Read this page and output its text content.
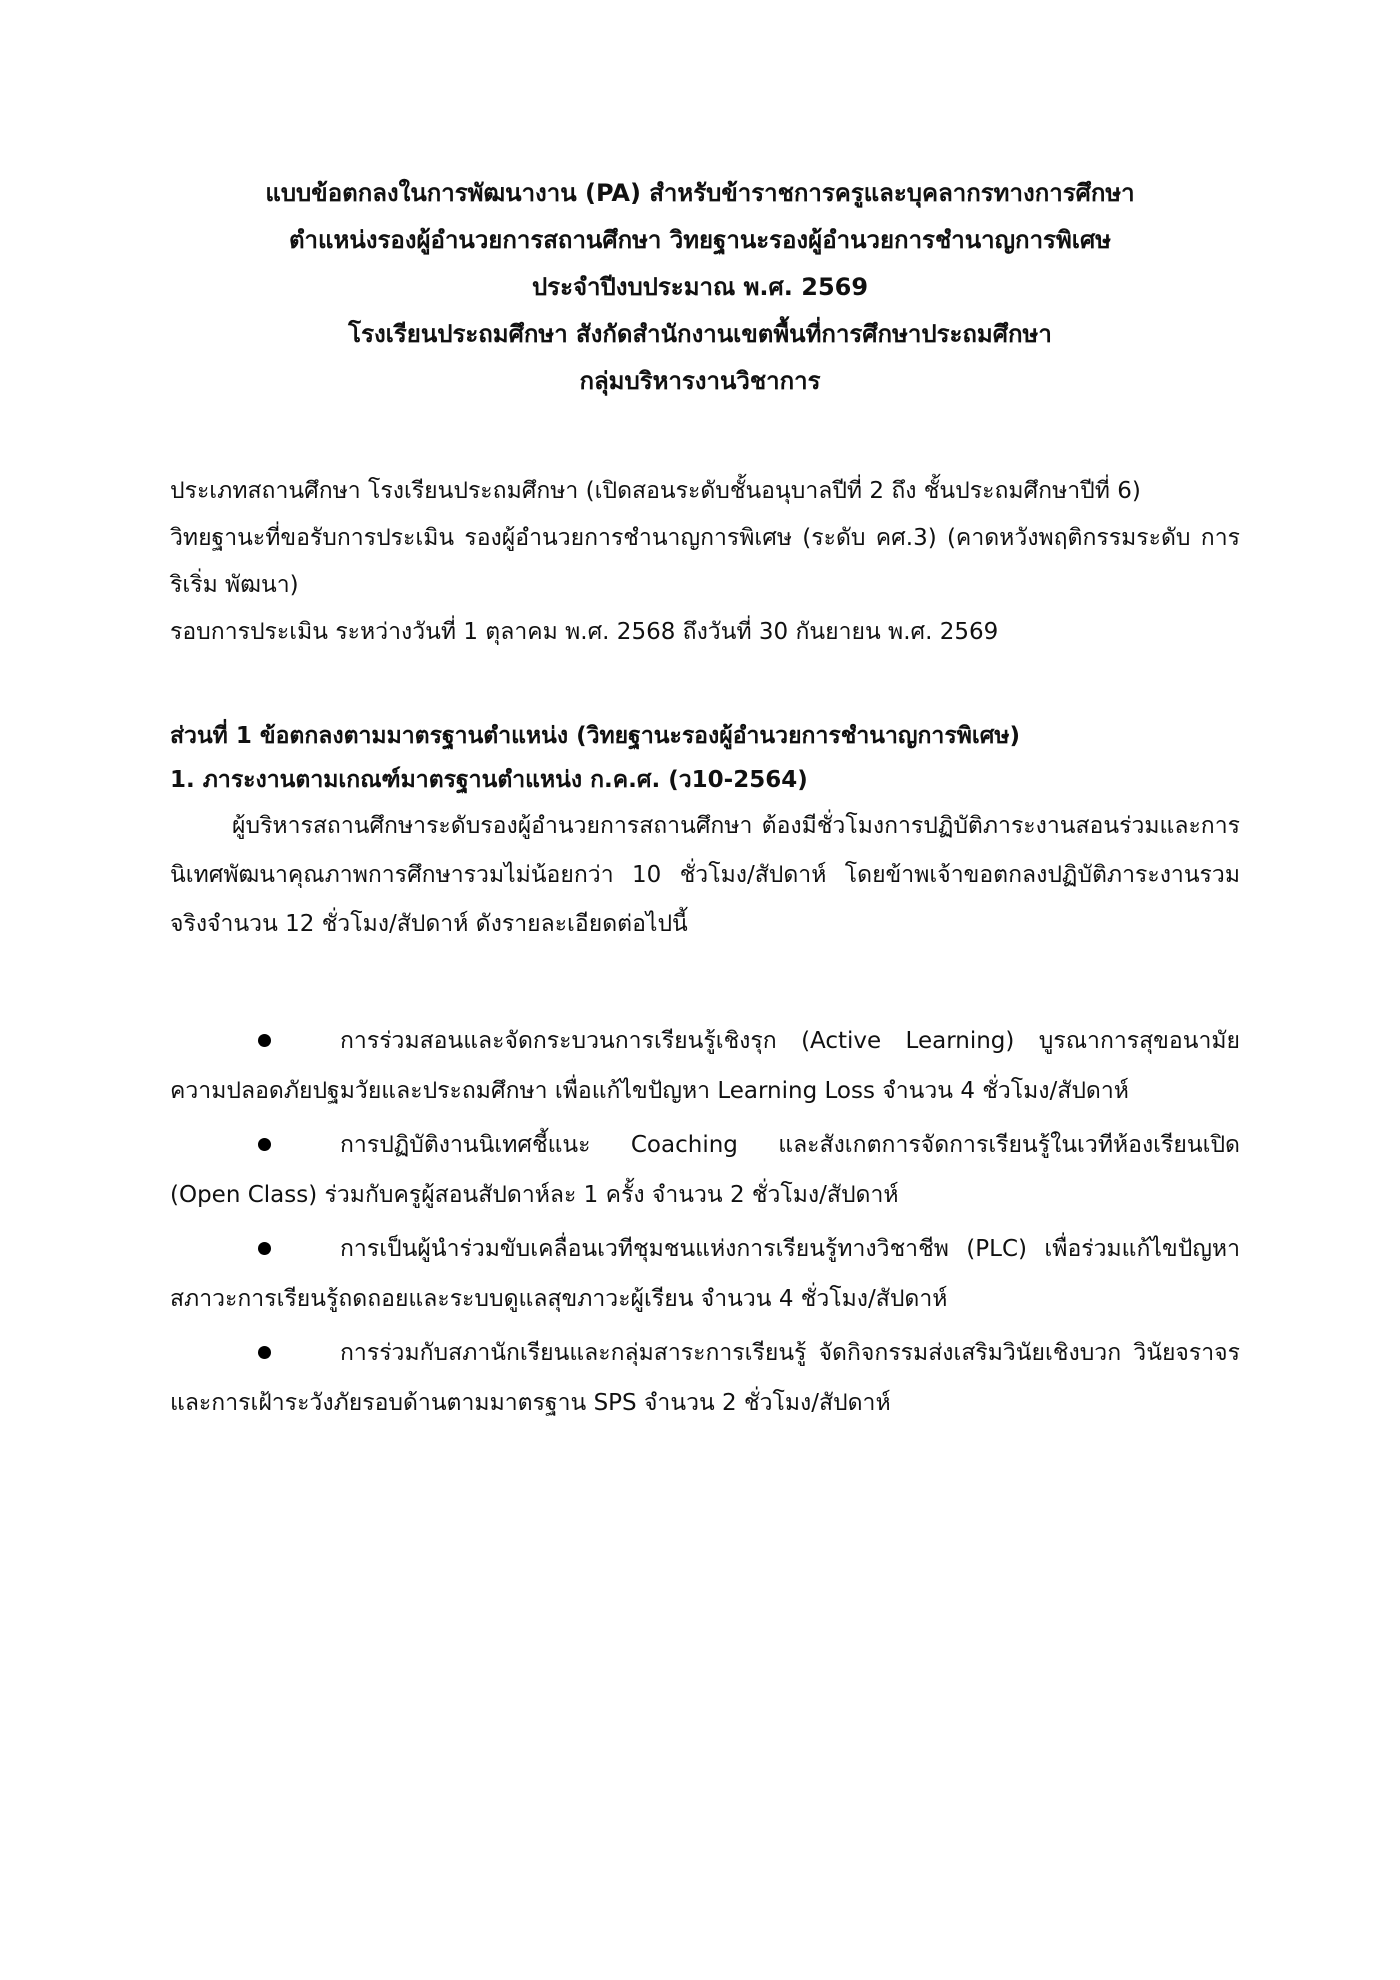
แบบข้อตกลงในการพัฒนางาน (PA) สำหรับข้าราชการครูและบุคลากรทางการศึกษา
ตำแหน่งรองผู้อำนวยการสถานศึกษา วิทยฐานะรองผู้อำนวยการชำนาญการพิเศษ
ประจำปีงบประมาณ พ.ศ. 2569
โรงเรียนประถมศึกษา สังกัดสำนักงานเขตพื้นที่การศึกษาประถมศึกษา
กลุ่มบริหารงานวิชาการ
ประเภทสถานศึกษา โรงเรียนประถมศึกษา (เปิดสอนระดับชั้นอนุบาลปีที่ 2 ถึง ชั้นประถมศึกษาปีที่ 6)
วิทยฐานะที่ขอรับการประเมิน รองผู้อำนวยการชำนาญการพิเศษ (ระดับ คศ.3) (คาดหวังพฤติกรรมระดับ การริเริ่ม พัฒนา)
รอบการประเมิน ระหว่างวันที่ 1 ตุลาคม พ.ศ. 2568 ถึงวันที่ 30 กันยายน พ.ศ. 2569
ส่วนที่ 1 ข้อตกลงตามมาตรฐานตำแหน่ง (วิทยฐานะรองผู้อำนวยการชำนาญการพิเศษ)
1. ภาระงานตามเกณฑ์มาตรฐานตำแหน่ง ก.ค.ศ. (ว10-2564)
ผู้บริหารสถานศึกษาระดับรองผู้อำนวยการสถานศึกษา ต้องมีชั่วโมงการปฏิบัติภาระงานสอนร่วมและการนิเทศพัฒนาคุณภาพการศึกษารวมไม่น้อยกว่า 10 ชั่วโมง/สัปดาห์ โดยข้าพเจ้าขอตกลงปฏิบัติภาระงานรวมจริงจำนวน 12 ชั่วโมง/สัปดาห์ ดังรายละเอียดต่อไปนี้
การร่วมสอนและจัดกระบวนการเรียนรู้เชิงรุก (Active Learning) บูรณาการสุขอนามัยความปลอดภัยปฐมวัยและประถมศึกษา เพื่อแก้ไขปัญหา Learning Loss จำนวน 4 ชั่วโมง/สัปดาห์
การปฏิบัติงานนิเทศชี้แนะ Coaching และสังเกตการจัดการเรียนรู้ในเวทีห้องเรียนเปิด (Open Class) ร่วมกับครูผู้สอนสัปดาห์ละ 1 ครั้ง จำนวน 2 ชั่วโมง/สัปดาห์
การเป็นผู้นำร่วมขับเคลื่อนเวทีชุมชนแห่งการเรียนรู้ทางวิชาชีพ (PLC) เพื่อร่วมแก้ไขปัญหาสภาวะการเรียนรู้ถดถอยและระบบดูแลสุขภาวะผู้เรียน จำนวน 4 ชั่วโมง/สัปดาห์
การร่วมกับสภานักเรียนและกลุ่มสาระการเรียนรู้ จัดกิจกรรมส่งเสริมวินัยเชิงบวก วินัยจราจร และการเฝ้าระวังภัยรอบด้านตามมาตรฐาน SPS จำนวน 2 ชั่วโมง/สัปดาห์
